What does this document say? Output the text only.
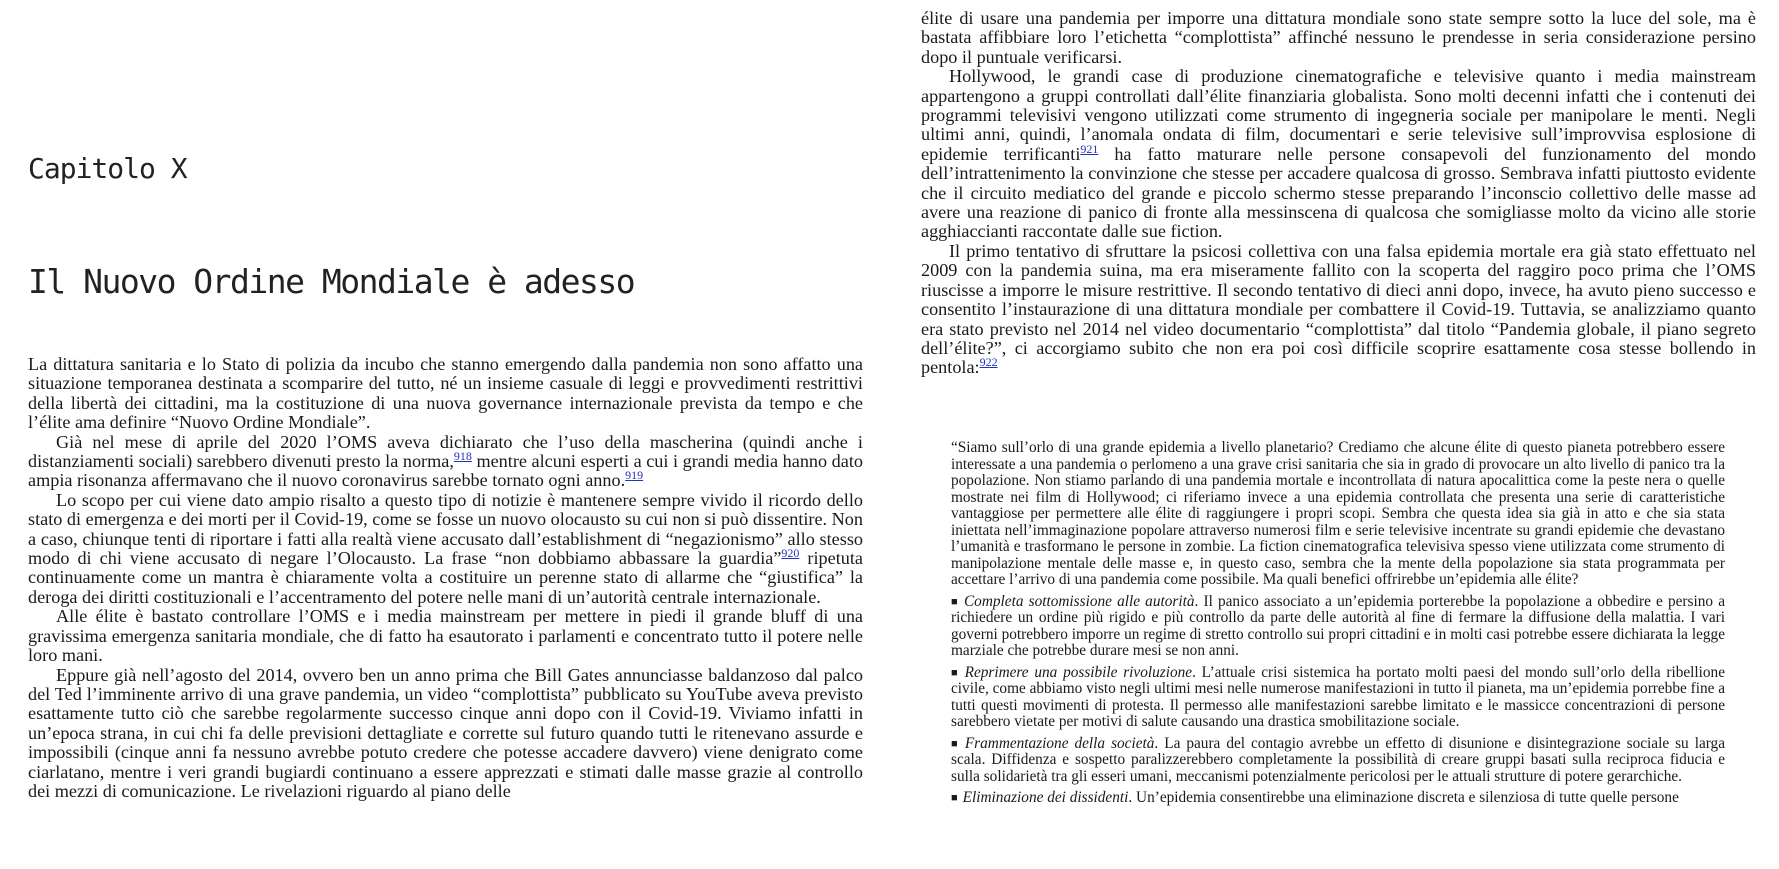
Capitolo X
Il Nuovo Ordine Mondiale è adesso

La dittatura sanitaria e lo Stato di polizia da incubo che stanno emergendo dalla pandemia non sono affatto una situazione temporanea destinata a scomparire del tutto, né un insieme casuale di leggi e provvedimenti restrittivi della libertà dei cittadini, ma la costituzione di una nuova governance internazionale prevista da tempo e che l’élite ama definire “Nuovo Ordine Mondiale”.

Già nel mese di aprile del 2020 l’OMS aveva dichiarato che l’uso della mascherina (quindi anche i distanziamenti sociali) sarebbero divenuti presto la norma,$^{918}$ mentre alcuni esperti a cui i grandi media hanno dato ampia risonanza affermavano che il nuovo coronavirus sarebbe tornato ogni anno.$^{919}$

Lo scopo per cui viene dato ampio risalto a questo tipo di notizie è mantenere sempre vivido il ricordo dello stato di emergenza e dei morti per il Covid-19, come se fosse un nuovo olocausto su cui non si può dissentire. Non a caso, chiunque tenti di riportare i fatti alla realtà viene accusato dall’establishment di “negazionismo” allo stesso modo di chi viene accusato di negare l’Olocausto. La frase “non dobbiamo abbassare la guardia”$^{920}$ ripetuta continuamente come un mantra è chiaramente volta a costituire un perenne stato di allarme che “giustifica” la deroga dei diritti costituzionali e l’accentramento del potere nelle mani di un’autorità centrale internazionale.

Alle élite è bastato controllare l’OMS e i media mainstream per mettere in piedi il grande bluff di una gravissima emergenza sanitaria mondiale, che di fatto ha esautorato i parlamenti e concentrato tutto il potere nelle loro mani.

Eppure già nell’agosto del 2014, ovvero ben un anno prima che Bill Gates annunciasse baldanzoso dal palco del Ted l’imminente arrivo di una grave pandemia, un video “complottista” pubblicato su YouTube aveva previsto esattamente tutto ciò che sarebbe regolarmente successo cinque anni dopo con il Covid-19. Viviamo infatti in un’epoca strana, in cui chi fa delle previsioni dettagliate e corrette sul futuro quando tutti le ritenevano assurde e impossibili (cinque anni fa nessuno avrebbe potuto credere che potesse accadere davvero) viene denigrato come ciarlatano, mentre i veri grandi bugiardi continuano a essere apprezzati e stimati dalle masse grazie al controllo dei mezzi di comunicazione. Le rivelazioni riguardo al piano delle

élite di usare una pandemia per imporre una dittatura mondiale sono state sempre sotto la luce del sole, ma è bastata affibbiare loro l’etichetta “complottista” affinché nessuno le prendesse in seria considerazione persino dopo il puntuale verificarsi.

Hollywood, le grandi case di produzione cinematografiche e televisive quanto i media mainstream appartengono a gruppi controllati dall’élite finanziaria globalista. Sono molti decenni infatti che i contenuti dei programmi televisivi vengono utilizzati come strumento di ingegneria sociale per manipolare le menti. Negli ultimi anni, quindi, l’anomala ondata di film, documentari e serie televisive sull’improvvisa esplosione di epidemie terrificanti$^{921}$ ha fatto maturare nelle persone consapevoli del funzionamento del mondo dell’intrattenimento la convinzione che stesse per accadere qualcosa di grosso. Sembrava infatti piuttosto evidente che il circuito mediatico del grande e piccolo schermo stesse preparando l’inconscio collettivo delle masse ad avere una reazione di panico di fronte alla messinscena di qualcosa che somigliasse molto da vicino alle storie agghiaccianti raccontate dalle sue fiction.

Il primo tentativo di sfruttare la psicosi collettiva con una falsa epidemia mortale era già stato effettuato nel 2009 con la pandemia suina, ma era miseramente fallito con la scoperta del raggiro poco prima che l’OMS riuscisse a imporre le misure restrittive. Il secondo tentativo di dieci anni dopo, invece, ha avuto pieno successo e consentito l’instaurazione di una dittatura mondiale per combattere il Covid-19. Tuttavia, se analizziamo quanto era stato previsto nel 2014 nel video documentario “complottista” dal titolo “Pandemia globale, il piano segreto dell’élite?”, ci accorgiamo subito che non era poi così difficile scoprire esattamente cosa stesse bollendo in pentola:$^{922}$

“Siamo sull’orlo di una grande epidemia a livello planetario? Crediamo che alcune élite di questo pianeta potrebbero essere interessate a una pandemia o perlomeno a una grave crisi sanitaria che sia in grado di provocare un alto livello di panico tra la popolazione. Non stiamo parlando di una pandemia mortale e incontrollata di natura apocalittica come la peste nera o quelle mostrate nei film di Hollywood; ci riferiamo invece a una epidemia controllata che presenta una serie di caratteristiche vantaggiose per permettere alle élite di raggiungere i propri scopi. Sembra che questa idea sia già in atto e che sia stata iniettata nell’immaginazione popolare attraverso numerosi film e serie televisive incentrate su grandi epidemie che devastano l’umanità e trasformano le persone in zombie. La fiction cinematografica televisiva spesso viene utilizzata come strumento di manipolazione mentale delle masse e, in questo caso, sembra che la mente della popolazione sia stata programmata per accettare l’arrivo di una pandemia come possibile. Ma quali benefici offrirebbe un’epidemia alle élite?

■ Completa sottomissione alle autorità. Il panico associato a un’epidemia porterebbe la popolazione a obbedire e persino a richiedere un ordine più rigido e più controllo da parte delle autorità al fine di fermare la diffusione della malattia. I vari governi potrebbero imporre un regime di stretto controllo sui propri cittadini e in molti casi potrebbe essere dichiarata la legge marziale che potrebbe durare mesi se non anni.

■ Reprimere una possibile rivoluzione. L’attuale crisi sistemica ha portato molti paesi del mondo sull’orlo della ribellione civile, come abbiamo visto negli ultimi mesi nelle numerose manifestazioni in tutto il pianeta, ma un’epidemia porrebbe fine a tutti questi movimenti di protesta. Il permesso alle manifestazioni sarebbe limitato e le massicce concentrazioni di persone sarebbero vietate per motivi di salute causando una drastica smobilitazione sociale.

■ Frammentazione della società. La paura del contagio avrebbe un effetto di disunione e disintegrazione sociale su larga scala. Diffidenza e sospetto paralizzerebbero completamente la possibilità di creare gruppi basati sulla reciproca fiducia e sulla solidarietà tra gli esseri umani, meccanismi potenzialmente pericolosi per le attuali strutture di potere gerarchiche.

■ Eliminazione dei dissidenti. Un’epidemia consentirebbe una eliminazione discreta e silenziosa di tutte quelle persone
